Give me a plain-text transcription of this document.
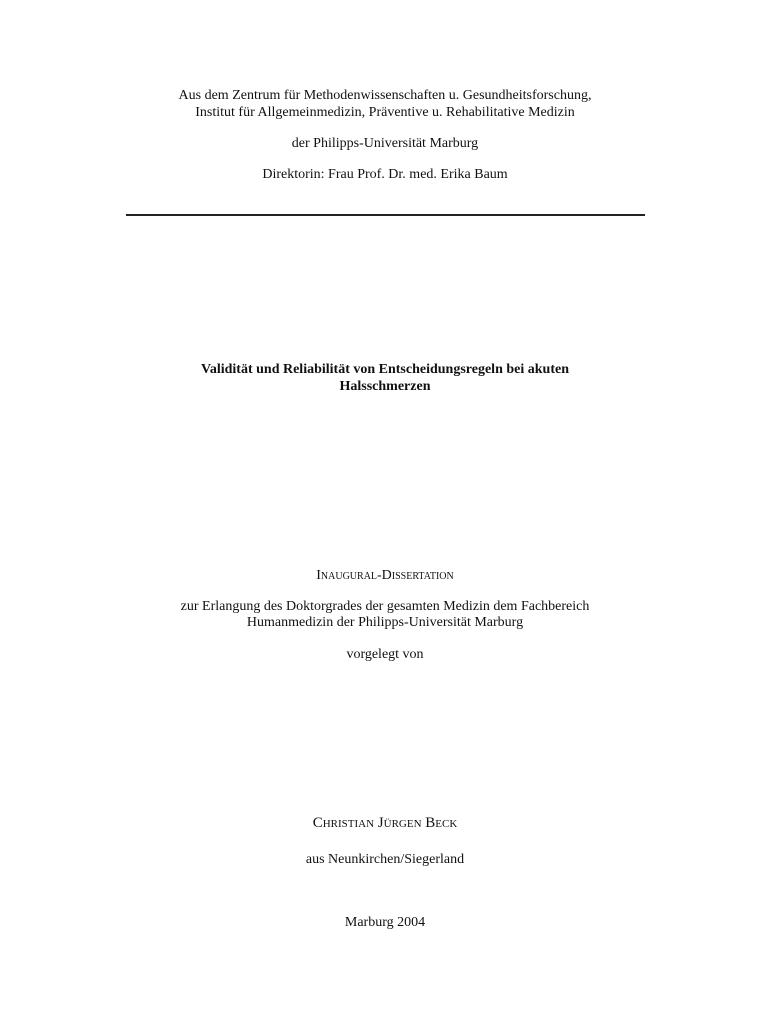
Aus dem Zentrum für Methodenwissenschaften u. Gesundheitsforschung,
Institut für Allgemeinmedizin, Präventive u. Rehabilitative Medizin
der Philipps-Universität Marburg
Direktorin: Frau Prof. Dr. med. Erika Baum
Validität und Reliabilität von Entscheidungsregeln bei akuten
Halsschmerzen
Inaugural-Dissertation
zur Erlangung des Doktorgrades der gesamten Medizin dem Fachbereich
Humanmedizin der Philipps-Universität Marburg
vorgelegt von
Christian Jürgen Beck
aus Neunkirchen/Siegerland
Marburg 2004
